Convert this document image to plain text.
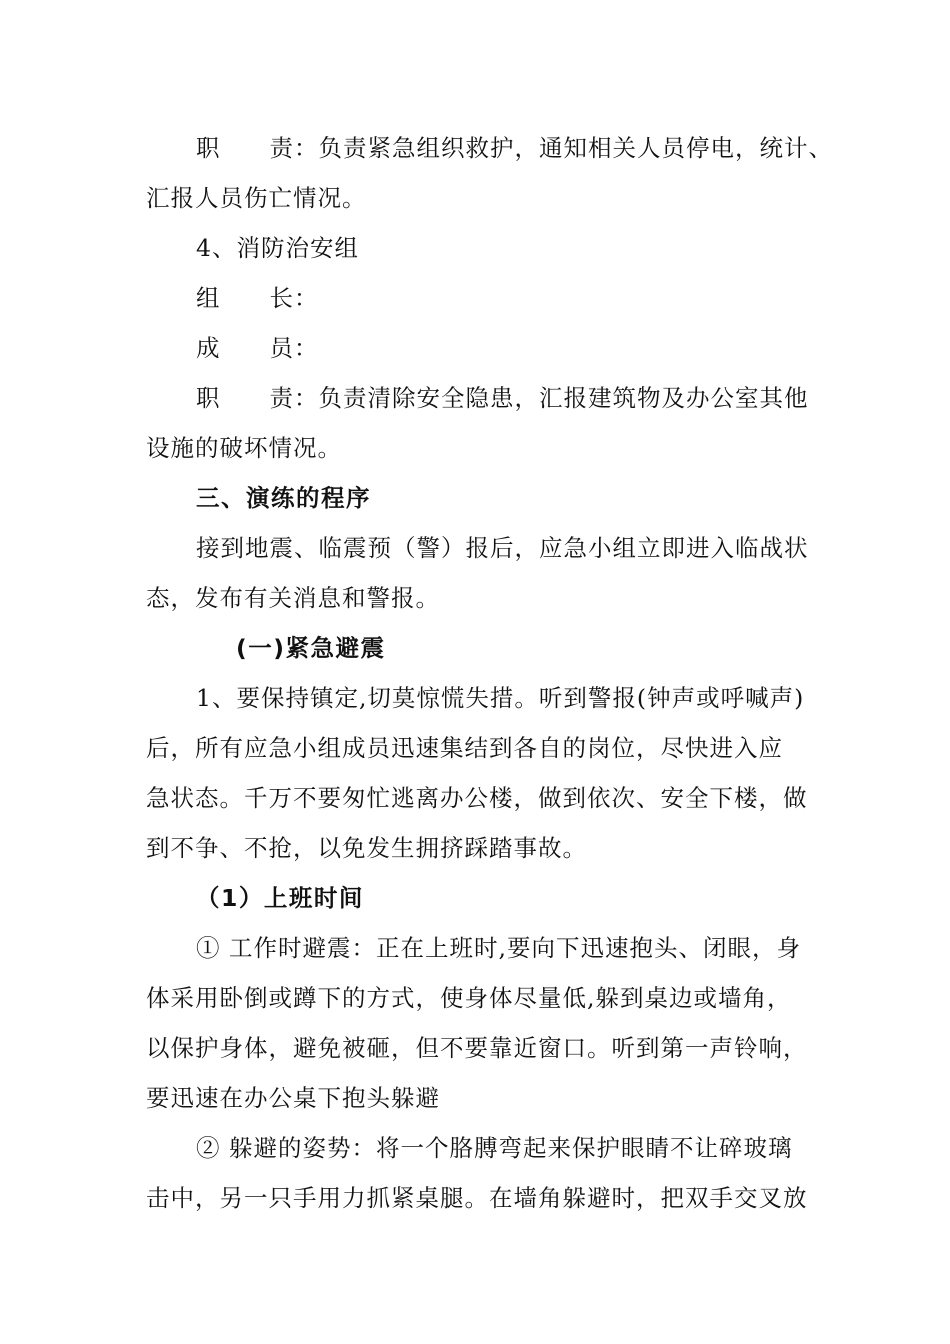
职　　责：负责紧急组织救护，通知相关人员停电，统计、
汇报人员伤亡情况。
4、消防治安组
组　　长：
成　　员：
职　　责：负责清除安全隐患，汇报建筑物及办公室其他
设施的破坏情况。
三、演练的程序
接到地震、临震预（警）报后，应急小组立即进入临战状
态，发布有关消息和警报。
(一)紧急避震
1、要保持镇定,切莫惊慌失措。听到警报(钟声或呼喊声)
后，所有应急小组成员迅速集结到各自的岗位，尽快进入应
急状态。千万不要匆忙逃离办公楼，做到依次、安全下楼，做
到不争、不抢，以免发生拥挤踩踏事故。
（1）上班时间
① 工作时避震：正在上班时,要向下迅速抱头、闭眼，身
体采用卧倒或蹲下的方式，使身体尽量低,躲到桌边或墙角，
以保护身体，避免被砸，但不要靠近窗口。听到第一声铃响，
要迅速在办公桌下抱头躲避
② 躲避的姿势：将一个胳膊弯起来保护眼睛不让碎玻璃
击中，另一只手用力抓紧桌腿。在墙角躲避时，把双手交叉放
